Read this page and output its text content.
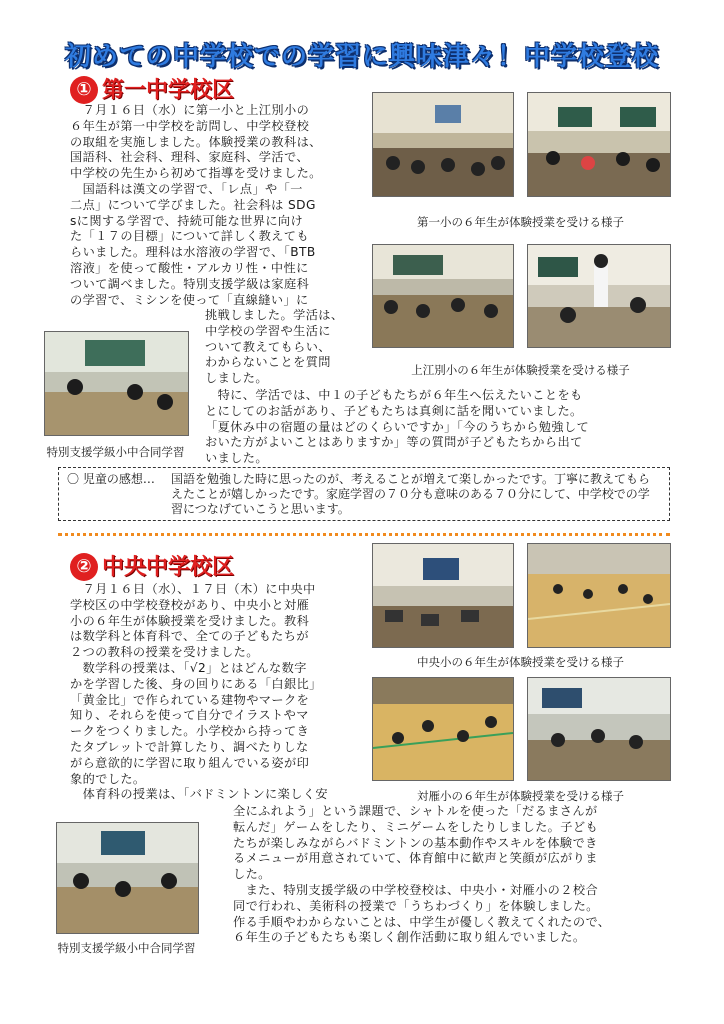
初めての中学校での学習に興味津々！中学校登校
① 第一中学校区
　７月１６日（水）に第一小と上江別小の
６年生が第一中学校を訪問し、中学校登校
の取組を実施しました。体験授業の教科は、
国語科、社会科、理科、家庭科、学活で、
中学校の先生から初めて指導を受けました。
　国語科は漢文の学習で、「レ点」や「一
二点」について学びました。社会科は SDG
sに関する学習で、持続可能な世界に向け
た「１７の目標」について詳しく教えても
らいました。理科は水溶液の学習で、「BTB
溶液」を使って酸性・アルカリ性・中性に
ついて調べました。特別支援学級は家庭科
の学習で、ミシンを使って「直線縫い」に
挑戦しました。学活は、
中学校の学習や生活に
ついて教えてもらい、
わからないことを質問
しました。
　特に、学活では、中１の子どもたちが６年生へ伝えたいことをも
とにしてのお話があり、子どもたちは真剣に話を聞いていました。
「夏休み中の宿題の量はどのくらいですか」「今のうちから勉強して
おいた方がよいことはありますか」等の質問が子どもたちから出て
いました。
第一小の６年生が体験授業を受ける様子
上江別小の６年生が体験授業を受ける様子
特別支援学級小中合同学習
〇 児童の感想… 国語を勉強した時に思ったのが、考えることが増えて楽しかったです。丁寧に教えてもら
えたことが嬉しかったです。家庭学習の７０分も意味のある７０分にして、中学校での学
習につなげていこうと思います。
② 中央中学校区
　７月１６日（水）、１７日（木）に中央中
学校区の中学校登校があり、中央小と対雁
小の６年生が体験授業を受けました。教科
は数学科と体育科で、全ての子どもたちが
２つの教科の授業を受けました。
　数学科の授業は、「√2」とはどんな数字
かを学習した後、身の回りにある「白銀比」
「黄金比」で作られている建物やマークを
知り、それらを使って自分でイラストやマ
ークをつくりました。小学校から持ってき
たタブレットで計算したり、調べたりしな
がら意欲的に学習に取り組んでいる姿が印
象的でした。
　体育科の授業は、「バドミントンに楽しく安
全にふれよう」という課題で、シャトルを使った「だるまさんが
転んだ」ゲームをしたり、ミニゲームをしたりしました。子ども
たちが楽しみながらバドミントンの基本動作やスキルを体験でき
るメニューが用意されていて、体育館中に歓声と笑顔が広がりま
した。
　また、特別支援学級の中学校登校は、中央小・対雁小の２校合
同で行われ、美術科の授業で「うちわづくり」を体験しました。
作る手順やわからないことは、中学生が優しく教えてくれたので、
６年生の子どもたちも楽しく創作活動に取り組んでいました。
中央小の６年生が体験授業を受ける様子
対雁小の６年生が体験授業を受ける様子
特別支援学級小中合同学習
